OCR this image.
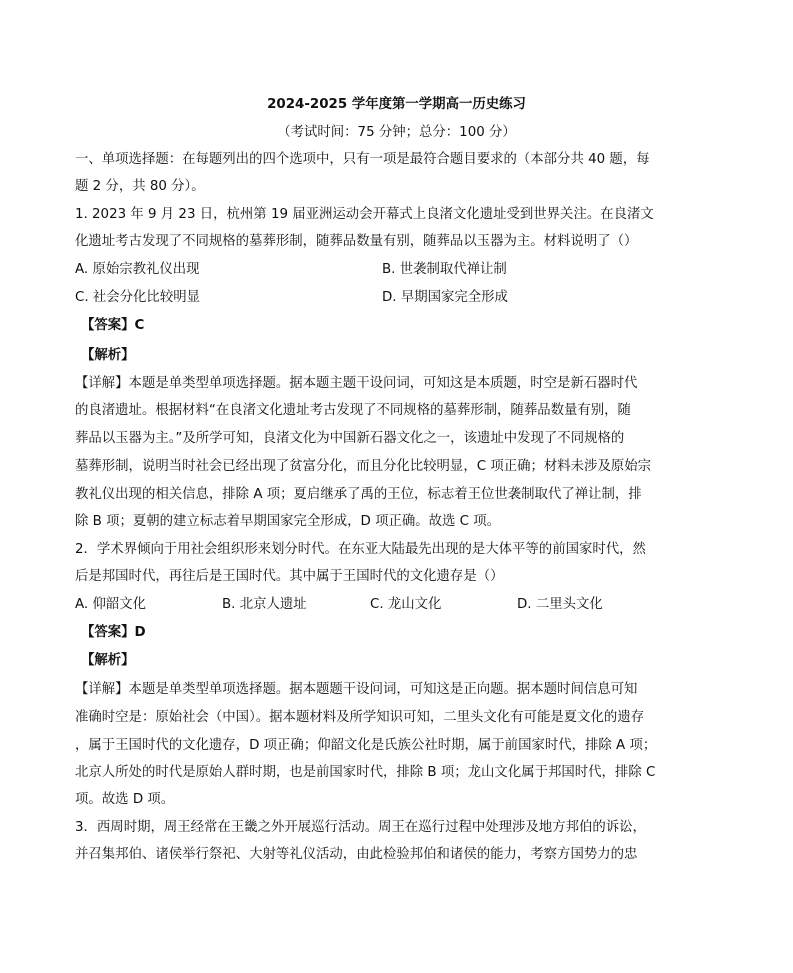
2024-2025 学年度第一学期高一历史练习
（考试时间：75 分钟；总分：100 分）
一、单项选择题：在每题列出的四个选项中，只有一项是最符合题目要求的（本部分共 40 题，每
题 2 分，共 80 分）。
1. 2023 年 9 月 23 日，杭州第 19 届亚洲运动会开幕式上良渚文化遗址受到世界关注。在良渚文
化遗址考古发现了不同规格的墓葬形制，随葬品数量有别，随葬品以玉器为主。材料说明了（）
A. 原始宗教礼仪出现	B. 世袭制取代禅让制
C. 社会分化比较明显	D. 早期国家完全形成
【答案】C
【解析】
【详解】本题是单类型单项选择题。据本题主题干设问词，可知这是本质题，时空是新石器时代
的良渚遗址。根据材料“在良渚文化遗址考古发现了不同规格的墓葬形制，随葬品数量有别，随
葬品以玉器为主。”及所学可知，良渚文化为中国新石器文化之一，该遗址中发现了不同规格的
墓葬形制，说明当时社会已经出现了贫富分化，而且分化比较明显，C 项正确；材料未涉及原始宗
教礼仪出现的相关信息，排除 A 项；夏启继承了禹的王位，标志着王位世袭制取代了禅让制，排
除 B 项；夏朝的建立标志着早期国家完全形成，D 项正确。故选 C 项。
2．学术界倾向于用社会组织形来划分时代。在东亚大陆最先出现的是大体平等的前国家时代，然
后是邦国时代，再往后是王国时代。其中属于王国时代的文化遗存是（）
A. 仰韶文化	B. 北京人遗址	C. 龙山文化	D. 二里头文化
【答案】D
【解析】
【详解】本题是单类型单项选择题。据本题题干设问词，可知这是正向题。据本题时间信息可知
准确时空是：原始社会（中国）。据本题材料及所学知识可知，二里头文化有可能是夏文化的遗存
，属于王国时代的文化遗存，D 项正确；仰韶文化是氏族公社时期，属于前国家时代，排除 A 项；
北京人所处的时代是原始人群时期，也是前国家时代，排除 B 项；龙山文化属于邦国时代，排除 C
项。故选 D 项。
3．西周时期，周王经常在王畿之外开展巡行活动。周王在巡行过程中处理涉及地方邦伯的诉讼，
并召集邦伯、诸侯举行祭祀、大射等礼仪活动，由此检验邦伯和诸侯的能力，考察方国势力的忠
